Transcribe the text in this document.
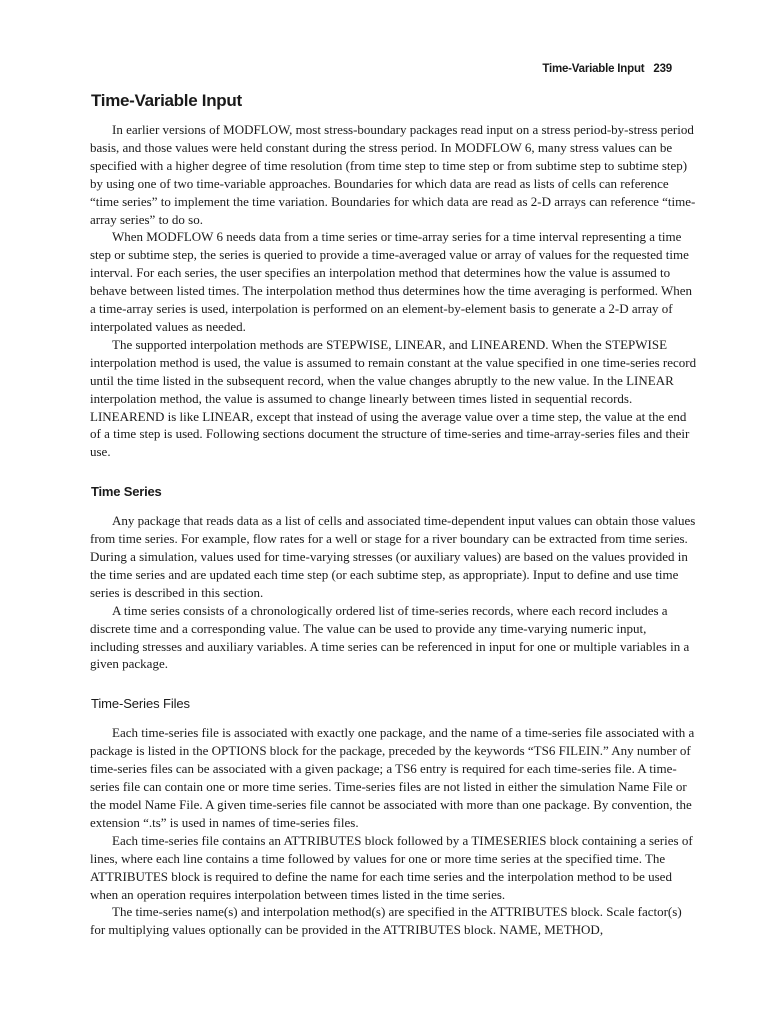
Time-Variable Input 239
Time-Variable Input

In earlier versions of MODFLOW, most stress-boundary packages read input on a stress period-by-stress period basis, and those values were held constant during the stress period. In MODFLOW 6, many stress values can be specified with a higher degree of time resolution (from time step to time step or from subtime step to subtime step) by using one of two time-variable approaches. Boundaries for which data are read as lists of cells can reference “time series” to implement the time variation. Boundaries for which data are read as 2-D arrays can reference “time-array series” to do so.

When MODFLOW 6 needs data from a time series or time-array series for a time interval representing a time step or subtime step, the series is queried to provide a time-averaged value or array of values for the requested time interval. For each series, the user specifies an interpolation method that determines how the value is assumed to behave between listed times. The interpolation method thus determines how the time averaging is performed. When a time-array series is used, interpolation is performed on an element-by-element basis to generate a 2-D array of interpolated values as needed.

The supported interpolation methods are STEPWISE, LINEAR, and LINEAREND. When the STEPWISE interpolation method is used, the value is assumed to remain constant at the value specified in one time-series record until the time listed in the subsequent record, when the value changes abruptly to the new value. In the LINEAR interpolation method, the value is assumed to change linearly between times listed in sequential records. LINEAREND is like LINEAR, except that instead of using the average value over a time step, the value at the end of a time step is used. Following sections document the structure of time-series and time-array-series files and their use.

Time Series

Any package that reads data as a list of cells and associated time-dependent input values can obtain those values from time series. For example, flow rates for a well or stage for a river boundary can be extracted from time series. During a simulation, values used for time-varying stresses (or auxiliary values) are based on the values provided in the time series and are updated each time step (or each subtime step, as appropriate). Input to define and use time series is described in this section.

A time series consists of a chronologically ordered list of time-series records, where each record includes a discrete time and a corresponding value. The value can be used to provide any time-varying numeric input, including stresses and auxiliary variables. A time series can be referenced in input for one or multiple variables in a given package.

Time-Series Files

Each time-series file is associated with exactly one package, and the name of a time-series file associated with a package is listed in the OPTIONS block for the package, preceded by the keywords “TS6 FILEIN.” Any number of time-series files can be associated with a given package; a TS6 entry is required for each time-series file. A time-series file can contain one or more time series. Time-series files are not listed in either the simulation Name File or the model Name File. A given time-series file cannot be associated with more than one package. By convention, the extension “.ts” is used in names of time-series files.

Each time-series file contains an ATTRIBUTES block followed by a TIMESERIES block containing a series of lines, where each line contains a time followed by values for one or more time series at the specified time. The ATTRIBUTES block is required to define the name for each time series and the interpolation method to be used when an operation requires interpolation between times listed in the time series.

The time-series name(s) and interpolation method(s) are specified in the ATTRIBUTES block. Scale factor(s) for multiplying values optionally can be provided in the ATTRIBUTES block. NAME, METHOD,
